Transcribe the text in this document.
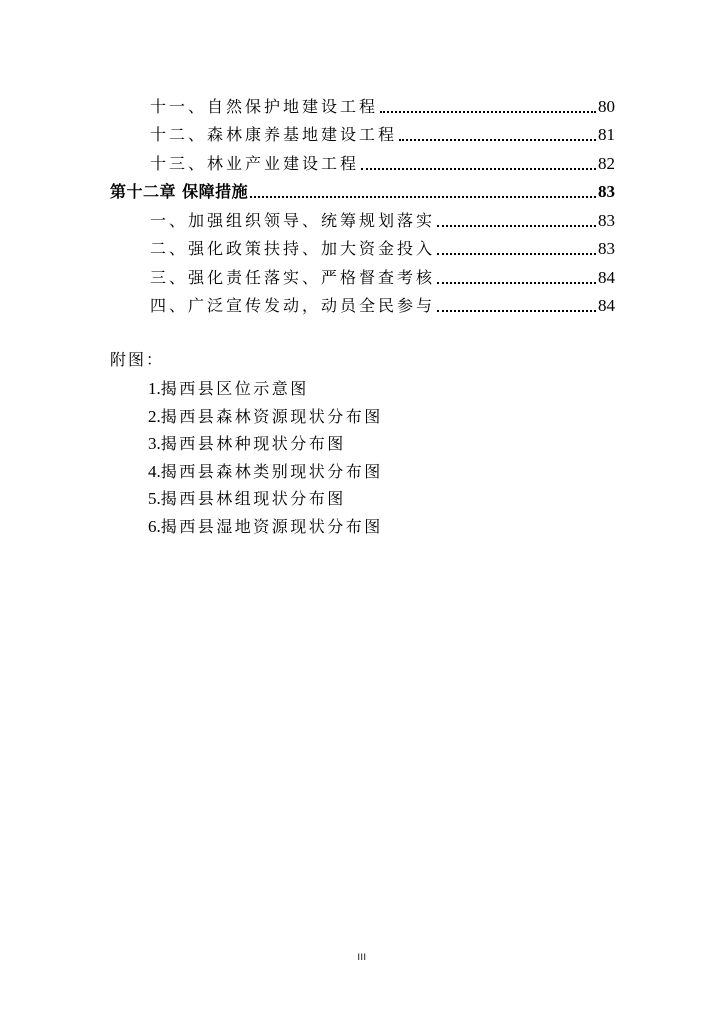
十一、自然保护地建设工程	80
十二、森林康养基地建设工程	81
十三、林业产业建设工程	82
第十二章 保障措施	83
一、加强组织领导、统筹规划落实	83
二、强化政策扶持、加大资金投入	83
三、强化责任落实、严格督查考核	84
四、广泛宣传发动，动员全民参与	84
附图：
1.揭西县区位示意图
2.揭西县森林资源现状分布图
3.揭西县林种现状分布图
4.揭西县森林类别现状分布图
5.揭西县林组现状分布图
6.揭西县湿地资源现状分布图
III
